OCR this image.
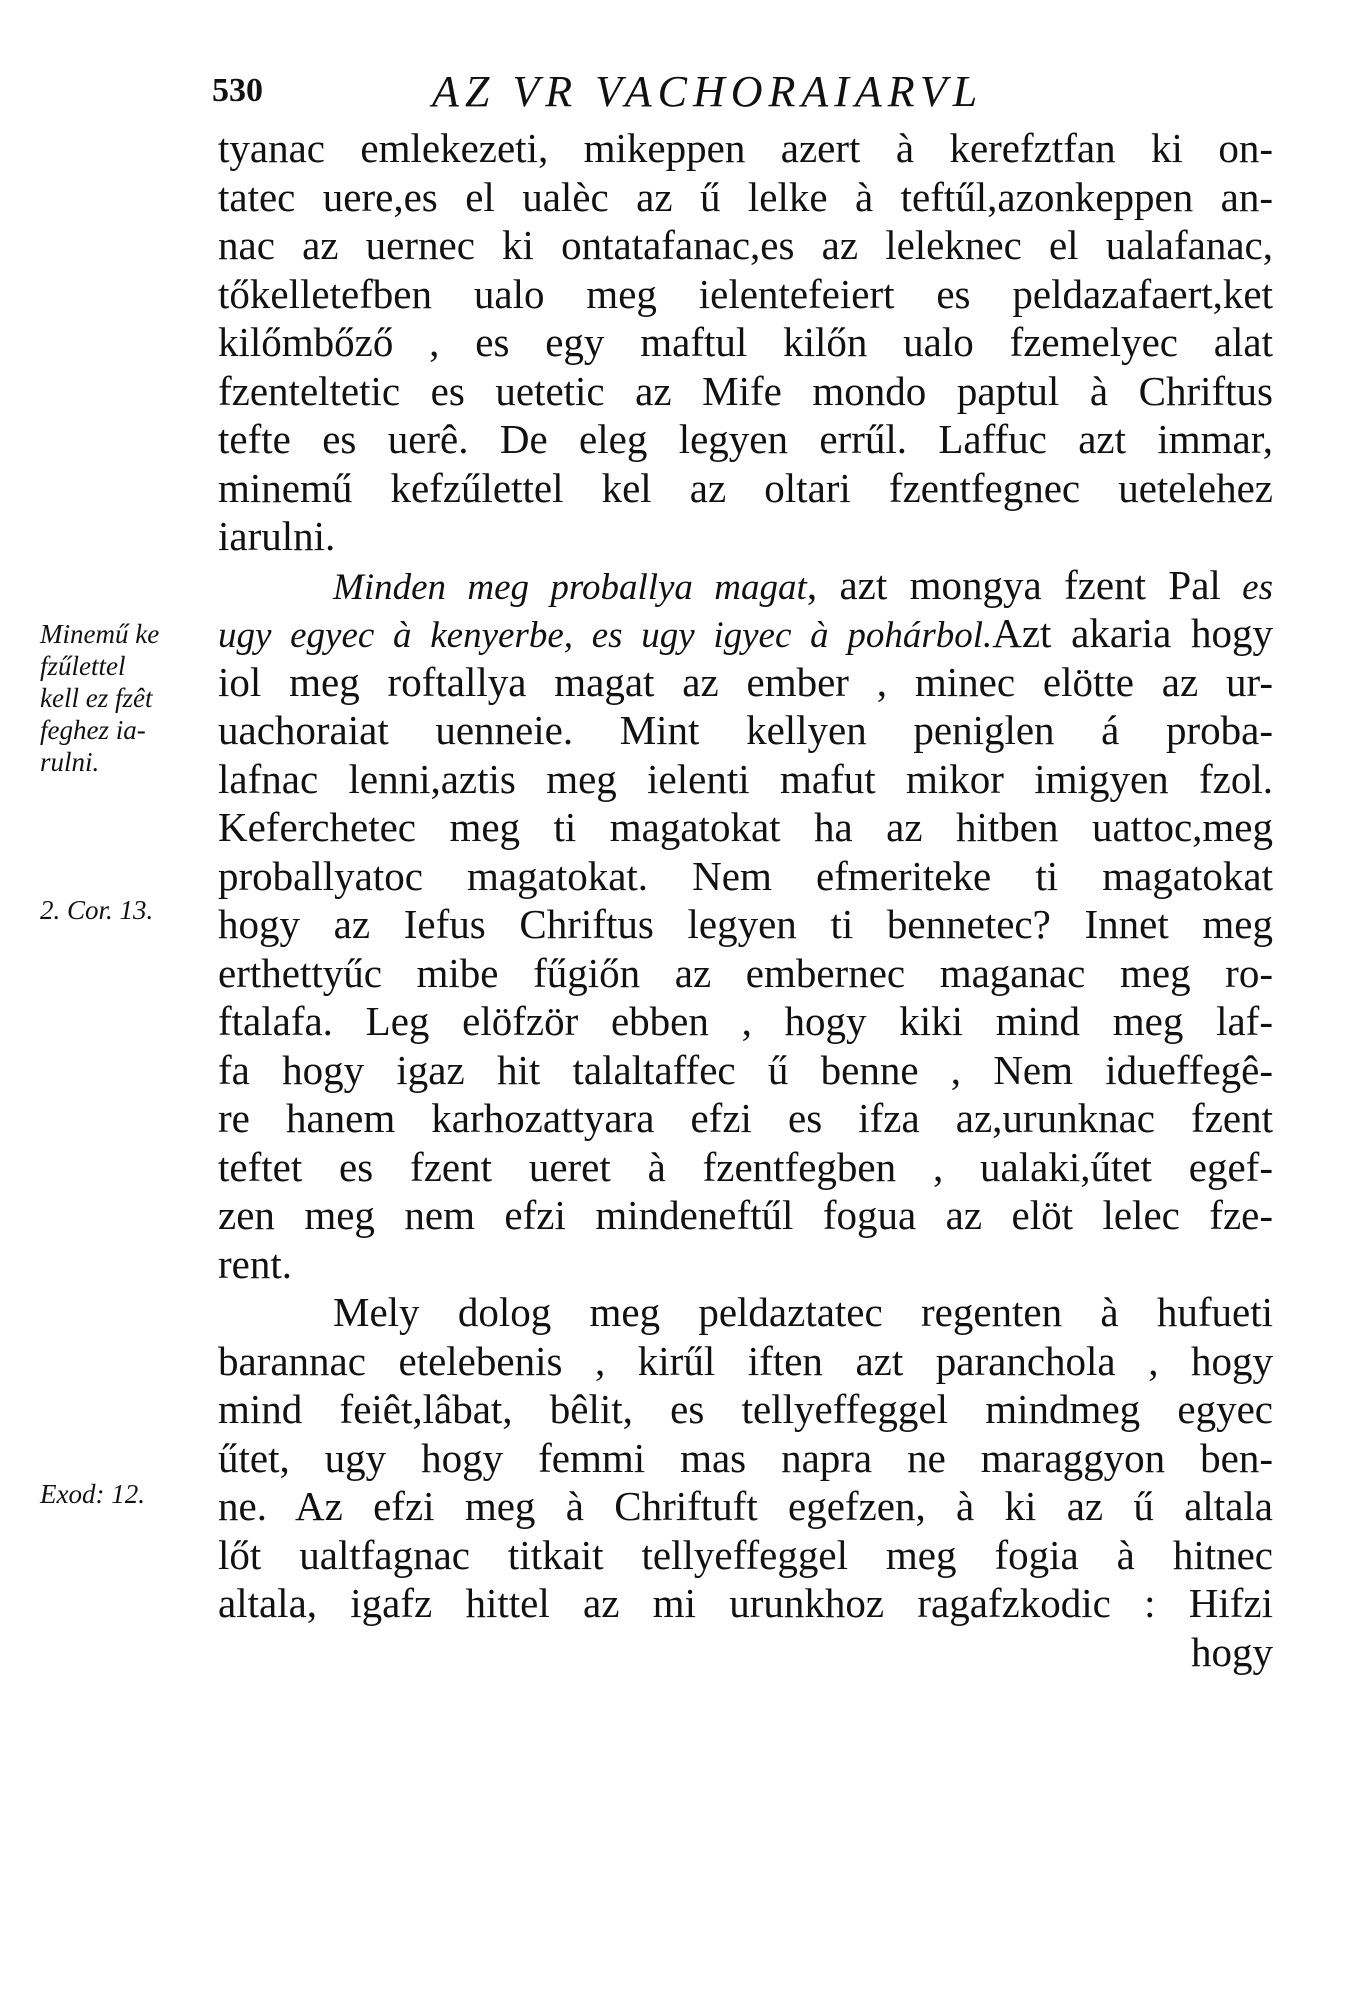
530	AZ VR VACHORAIARVL
Minemű ke
fzűlettel
kell ez fzêt
feghez ia-
rulni.
2. Cor. 13.
Exod: 12.
tyanac emlekezeti, mikeppen azert à kerefztfan ki on-
tatec uere,es el ualèc az ű lelke à teftűl,azonkeppen an-
nac az uernec ki ontatafanac,es az leleknec el ualafanac,
tőkelletefben ualo meg ielentefeiert es peldazafaert,ket
kilőmbőző , es egy maftul kilőn ualo fzemelyec alat
fzenteltetic es uetetic az Mife mondo paptul à Chriftus
tefte es uerê. De eleg legyen errűl. Laffuc azt immar,
minemű kefzűlettel kel az oltari fzentfegnec uetelehez
iarulni.
Minden meg proballya magat, azt mongya fzent Pal es
ugy egyec à kenyerbe, es ugy igyec à pohárbol.Azt akaria hogy
iol meg roftallya magat az ember , minec elötte az ur-
uachoraiat uenneie. Mint kellyen peniglen á proba-
lafnac lenni,aztis meg ielenti mafut mikor imigyen fzol.
Keferchetec meg ti magatokat ha az hitben uattoc,meg
proballyatoc magatokat. Nem efmeriteke ti magatokat
hogy az Iefus Chriftus legyen ti bennetec? Innet meg
erthettyűc mibe fűgiőn az embernec maganac meg ro-
ftalafa. Leg elöfzör ebben , hogy kiki mind meg laf-
fa hogy igaz hit talaltaffec ű benne , Nem idueffegê-
re hanem karhozattyara efzi es ifza az,urunknac fzent
teftet es fzent ueret à fzentfegben , ualaki,űtet egef-
zen meg nem efzi mindeneftűl fogua az elöt lelec fze-
rent.
Mely dolog meg peldaztatec regenten à hufueti
barannac etelebenis , kirűl iften azt paranchola , hogy
mind feiêt,lâbat, bêlit, es tellyeffeggel mindmeg egyec
űtet, ugy hogy femmi mas napra ne maraggyon ben-
ne. Az efzi meg à Chriftuft egefzen, à ki az ű altala
lőt ualtfagnac titkait tellyeffeggel meg fogia à hitnec
altala, igafz hittel az mi urunkhoz ragafzkodic : Hifzi
hogy
